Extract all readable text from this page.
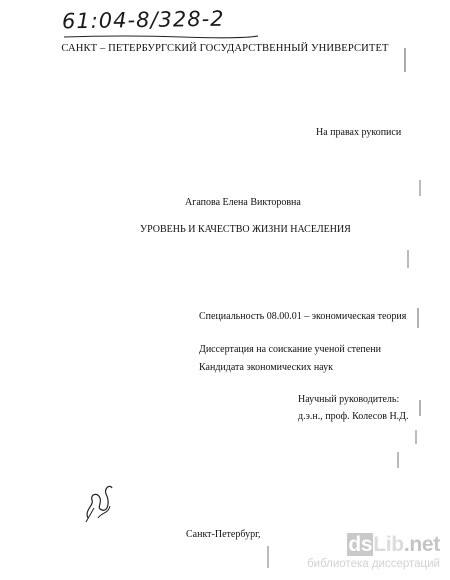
61:04-8/328-2
САНКТ – ПЕТЕРБУРГСКИЙ ГОСУДАРСТВЕННЫЙ УНИВЕРСИТЕТ
На правах рукописи
Агапова Елена Викторовна
УРОВЕНЬ И КАЧЕСТВО ЖИЗНИ НАСЕЛЕНИЯ
Специальность 08.00.01 – экономическая теория
Диссертация на соискание ученой степени
Кандидата экономических наук
Научный руководитель:
д.э.н., проф. Колесов Н.Д.
Санкт-Петербург,	dsLib.net
библиотека диссертаций
